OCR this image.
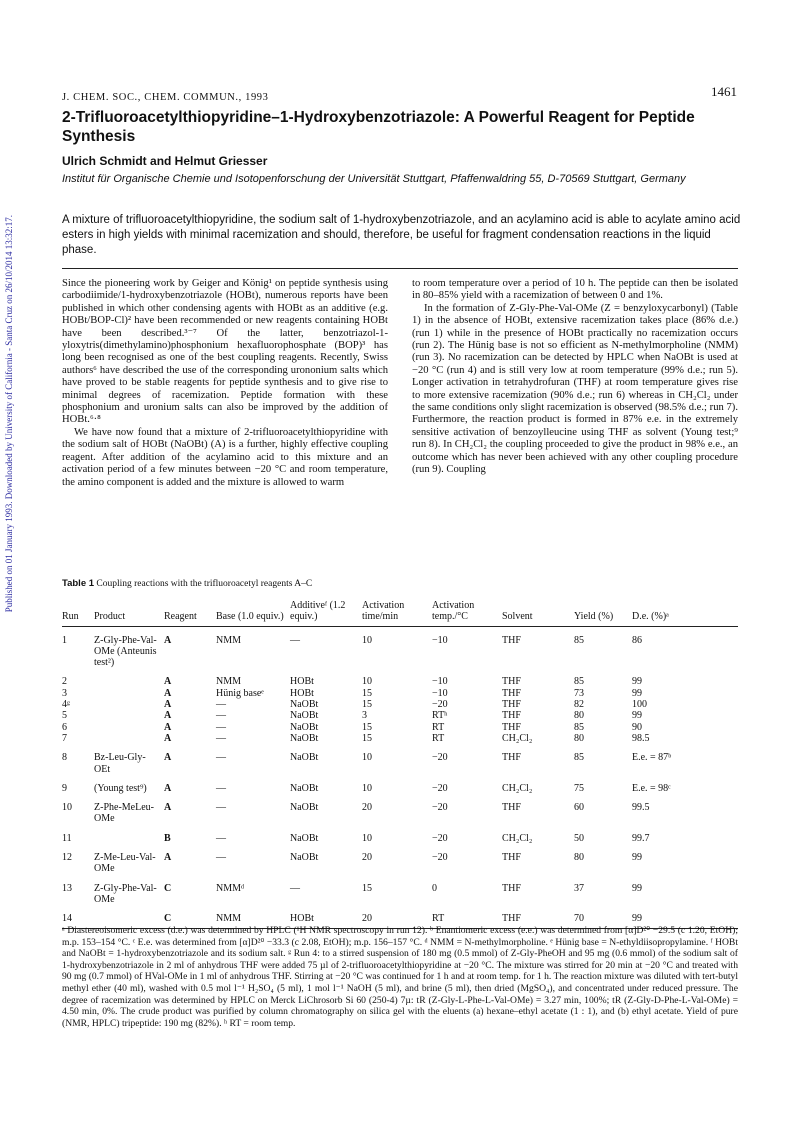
Published on 01 January 1993. Downloaded by University of California - Santa Cruz on 26/10/2014 13:32:17.
J. CHEM. SOC., CHEM. COMMUN., 1993	1461
2-Trifluoroacetylthiopyridine–1-Hydroxybenzotriazole: A Powerful Reagent for Peptide Synthesis
Ulrich Schmidt and Helmut Griesser
Institut für Organische Chemie und Isotopenforschung der Universität Stuttgart, Pfaffenwaldring 55, D-70569 Stuttgart, Germany
A mixture of trifluoroacetylthiopyridine, the sodium salt of 1-hydroxybenzotriazole, and an acylamino acid is able to acylate amino acid esters in high yields with minimal racemization and should, therefore, be useful for fragment condensation reactions in the liquid phase.

Since the pioneering work by Geiger and König¹ on peptide synthesis using carbodiimide/1-hydroxybenzotriazole (HOBt), numerous reports have been published in which other condensing agents with HOBt as an additive (e.g. HOBt/BOP-Cl)² have been recommended or new reagents containing HOBt have been described.³⁻⁷ Of the latter, benzotriazol-1-yloxytris(dimethylamino)phosphonium hexafluorophosphate (BOP)³ has long been recognised as one of the best coupling reagents. Recently, Swiss authors⁶ have described the use of the corresponding urononium salts which have proved to be stable reagents for peptide synthesis and to give rise to minimal degrees of racemization. Peptide formation with these phosphonium and uronium salts can also be improved by the addition of HOBt.⁶·⁸

We have now found that a mixture of 2-trifluoroacetylthiopyridine with the sodium salt of HOBt (NaOBt) (A) is a further, highly effective coupling reagent. After addition of the acylamino acid to this mixture and an activation period of a few minutes between −20 °C and room temperature, the amino component is added and the mixture is allowed to warm

to room temperature over a period of 10 h. The peptide can then be isolated in 80–85% yield with a racemization of between 0 and 1%.

In the formation of Z-Gly-Phe-Val-OMe (Z = benzyloxycarbonyl) (Table 1) in the absence of HOBt, extensive racemization takes place (86% d.e.) (run 1) while in the presence of HOBt practically no racemization occurs (run 2). The Hünig base is not so efficient as N-methylmorpholine (NMM) (run 3). No racemization can be detected by HPLC when NaOBt is used at −20 °C (run 4) and is still very low at room temperature (99% d.e.; run 5). Longer activation in tetrahydrofuran (THF) at room temperature gives rise to more extensive racemization (90% d.e.; run 6) whereas in CH₂Cl₂ under the same conditions only slight racemization is observed (98.5% d.e.; run 7). Furthermore, the reaction product is formed in 87% e.e. in the extremely sensitive activation of benzoylleucine using THF as solvent (Young test;⁹ run 8). In CH₂Cl₂ the coupling proceeded to give the product in 98% e.e., an outcome which has never been achieved with any other coupling procedure (run 9). Coupling

Table 1 Coupling reactions with the trifluoroacetyl reagents A–C
Run	Product	Reagent	Base (1.0 equiv.)	Additiveᶠ (1.2 equiv.)	Activation time/min	Activation temp./°C	Solvent	Yield (%)	D.e. (%)ᵃ
1	Z-Gly-Phe-Val-OMe (Anteunis test²)	A	NMM	—	10	−10	THF	85	86
2		A	NMM	HOBt	10	−10	THF	85	99
3		A	Hünig baseᵉ	HOBt	15	−10	THF	73	99
4ᵍ		A	—	NaOBt	15	−20	THF	82	100
5		A	—	NaOBt	3	RTʰ	THF	80	99
6		A	—	NaOBt	15	RT	THF	85	90
7		A	—	NaOBt	15	RT	CH₂Cl₂	80	98.5
8	Bz-Leu-Gly-OEt	A	—	NaOBt	10	−20	THF	85	E.e. = 87ᵇ
9	(Young test⁹)	A	—	NaOBt	10	−20	CH₂Cl₂	75	E.e. = 98ᶜ
10	Z-Phe-MeLeu-OMe	A	—	NaOBt	20	−20	THF	60	99.5
11		B	—	NaOBt	10	−20	CH₂Cl₂	50	99.7
12	Z-Me-Leu-Val-OMe	A	—	NaOBt	20	−20	THF	80	99
13	Z-Gly-Phe-Val-OMe	C	NMMᵈ	—	15	0	THF	37	99
14		C	NMM	HOBt	20	RT	THF	70	99
ᵃ Diastereoisomeric excess (d.e.) was determined by HPLC (¹H NMR spectroscopy in run 12). ᵇ Enantiomeric excess (e.e.) was determined from [α]D²⁰ −29.5 (c 1.20, EtOH); m.p. 153–154 °C. ᶜ E.e. was determined from [α]D²⁰ −33.3 (c 2.08, EtOH); m.p. 156–157 °C. ᵈ NMM = N-methylmorpholine. ᵉ Hünig base = N-ethyldiisopropylamine. ᶠ HOBt and NaOBt = 1-hydroxybenzotriazole and its sodium salt. ᵍ Run 4: to a stirred suspension of 180 mg (0.5 mmol) of Z-Gly-PheOH and 95 mg (0.6 mmol) of the sodium salt of 1-hydroxybenzotriazole in 2 ml of anhydrous THF were added 75 µl of 2-trifluoroacetylthiopyridine at −20 °C. The mixture was stirred for 20 min at −20 °C and treated with 90 mg (0.7 mmol) of HVal-OMe in 1 ml of anhydrous THF. Stirring at −20 °C was continued for 1 h and at room temp. for 1 h. The reaction mixture was diluted with tert-butyl methyl ether (40 ml), washed with 0.5 mol l⁻¹ H₂SO₄ (5 ml), 1 mol l⁻¹ NaOH (5 ml), and brine (5 ml), then dried (MgSO₄), and concentrated under reduced pressure. The degree of racemization was determined by HPLC on Merck LiChrosorb Si 60 (250-4) 7µ: tR (Z-Gly-L-Phe-L-Val-OMe) = 3.27 min, 100%; tR (Z-Gly-D-Phe-L-Val-OMe) = 4.50 min, 0%. The crude product was purified by column chromatography on silica gel with the eluents (a) hexane–ethyl acetate (1 : 1), and (b) ethyl acetate. Yield of pure (NMR, HPLC) tripeptide: 190 mg (82%). ʰ RT = room temp.
